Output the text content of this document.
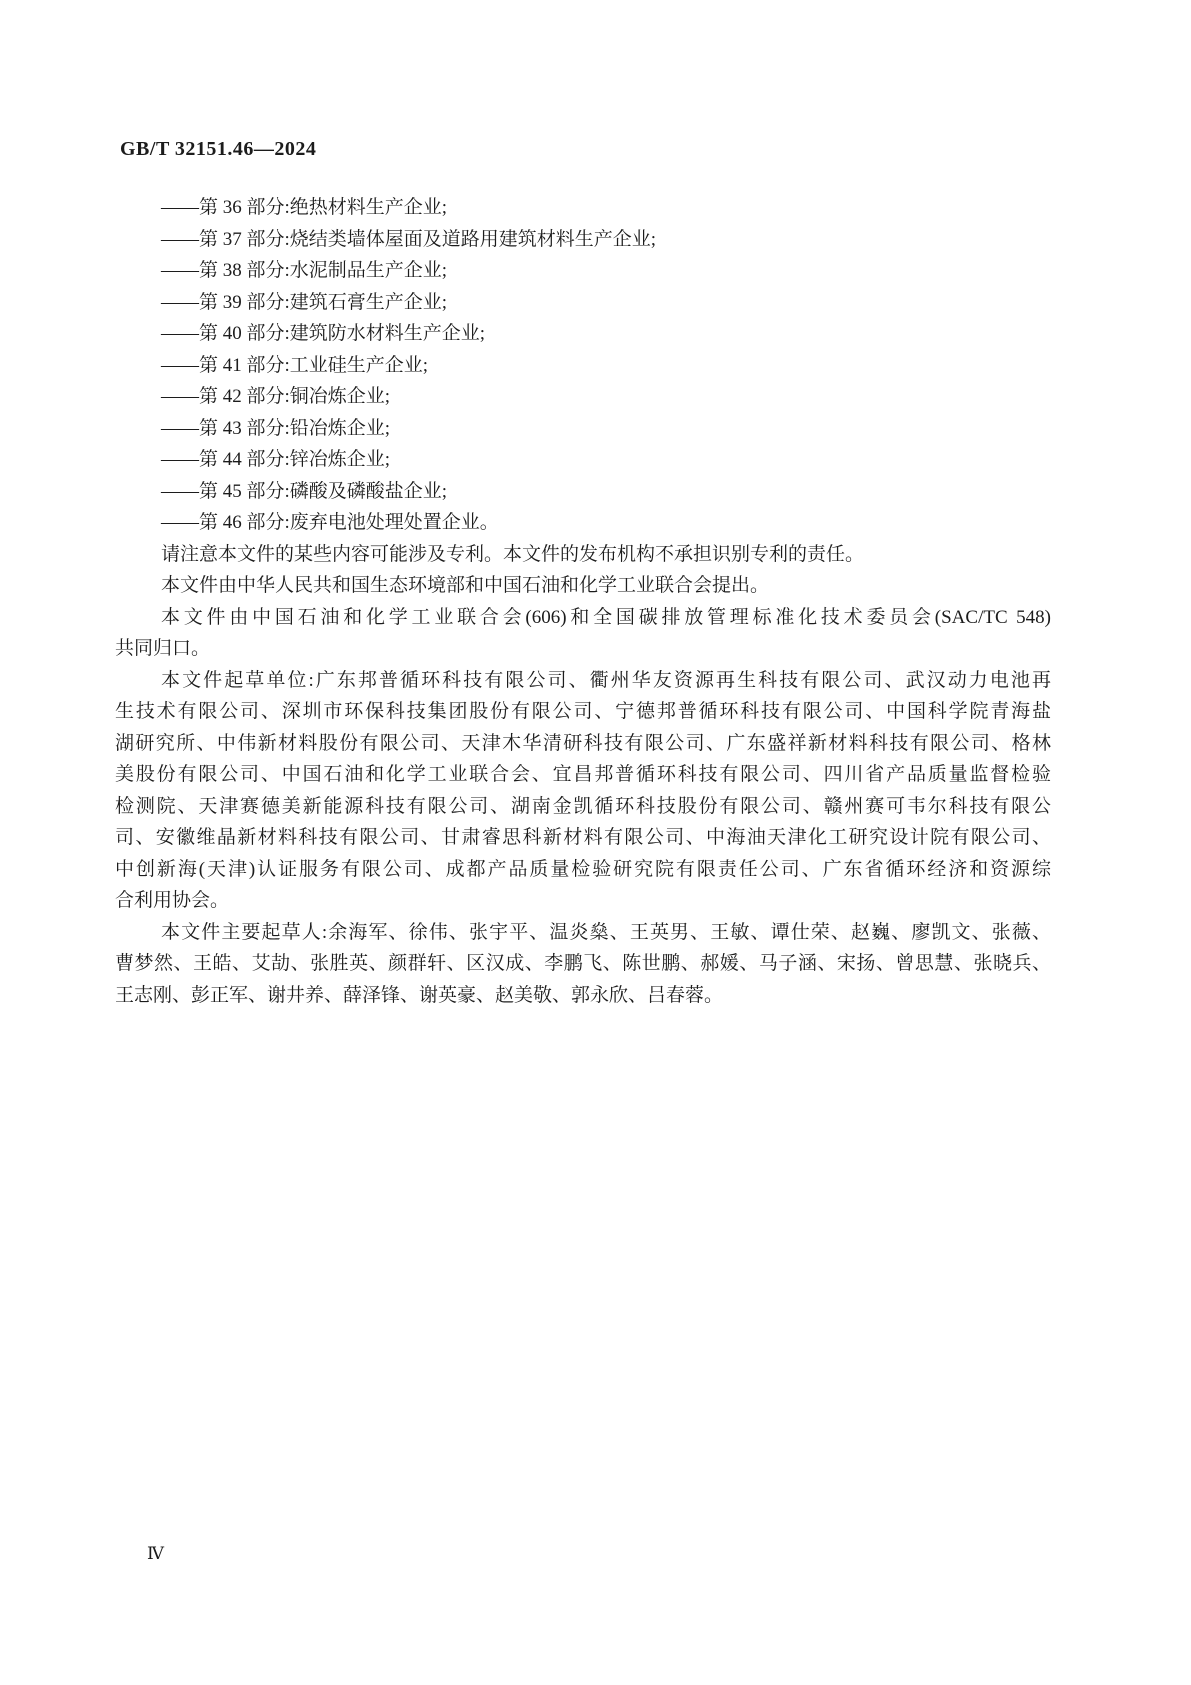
GB/T 32151.46—2024
——第 36 部分:绝热材料生产企业;
——第 37 部分:烧结类墙体屋面及道路用建筑材料生产企业;
——第 38 部分:水泥制品生产企业;
——第 39 部分:建筑石膏生产企业;
——第 40 部分:建筑防水材料生产企业;
——第 41 部分:工业硅生产企业;
——第 42 部分:铜冶炼企业;
——第 43 部分:铅冶炼企业;
——第 44 部分:锌冶炼企业;
——第 45 部分:磷酸及磷酸盐企业;
——第 46 部分:废弃电池处理处置企业。
请注意本文件的某些内容可能涉及专利。本文件的发布机构不承担识别专利的责任。
本文件由中华人民共和国生态环境部和中国石油和化学工业联合会提出。
本文件由中国石油和化学工业联合会(606)和全国碳排放管理标准化技术委员会(SAC/TC 548)
共同归口。
本文件起草单位:广东邦普循环科技有限公司、衢州华友资源再生科技有限公司、武汉动力电池再
生技术有限公司、深圳市环保科技集团股份有限公司、宁德邦普循环科技有限公司、中国科学院青海盐
湖研究所、中伟新材料股份有限公司、天津木华清研科技有限公司、广东盛祥新材料科技有限公司、格林
美股份有限公司、中国石油和化学工业联合会、宜昌邦普循环科技有限公司、四川省产品质量监督检验
检测院、天津赛德美新能源科技有限公司、湖南金凯循环科技股份有限公司、赣州赛可韦尔科技有限公
司、安徽维晶新材料科技有限公司、甘肃睿思科新材料有限公司、中海油天津化工研究设计院有限公司、
中创新海(天津)认证服务有限公司、成都产品质量检验研究院有限责任公司、广东省循环经济和资源综
合利用协会。
本文件主要起草人:余海军、徐伟、张宇平、温炎燊、王英男、王敏、谭仕荣、赵巍、廖凯文、张薇、
曹梦然、王皓、艾劼、张胜英、颜群轩、区汉成、李鹏飞、陈世鹏、郝媛、马子涵、宋扬、曾思慧、张晓兵、
王志刚、彭正军、谢井养、薛泽锋、谢英豪、赵美敬、郭永欣、吕春蓉。
Ⅳ
